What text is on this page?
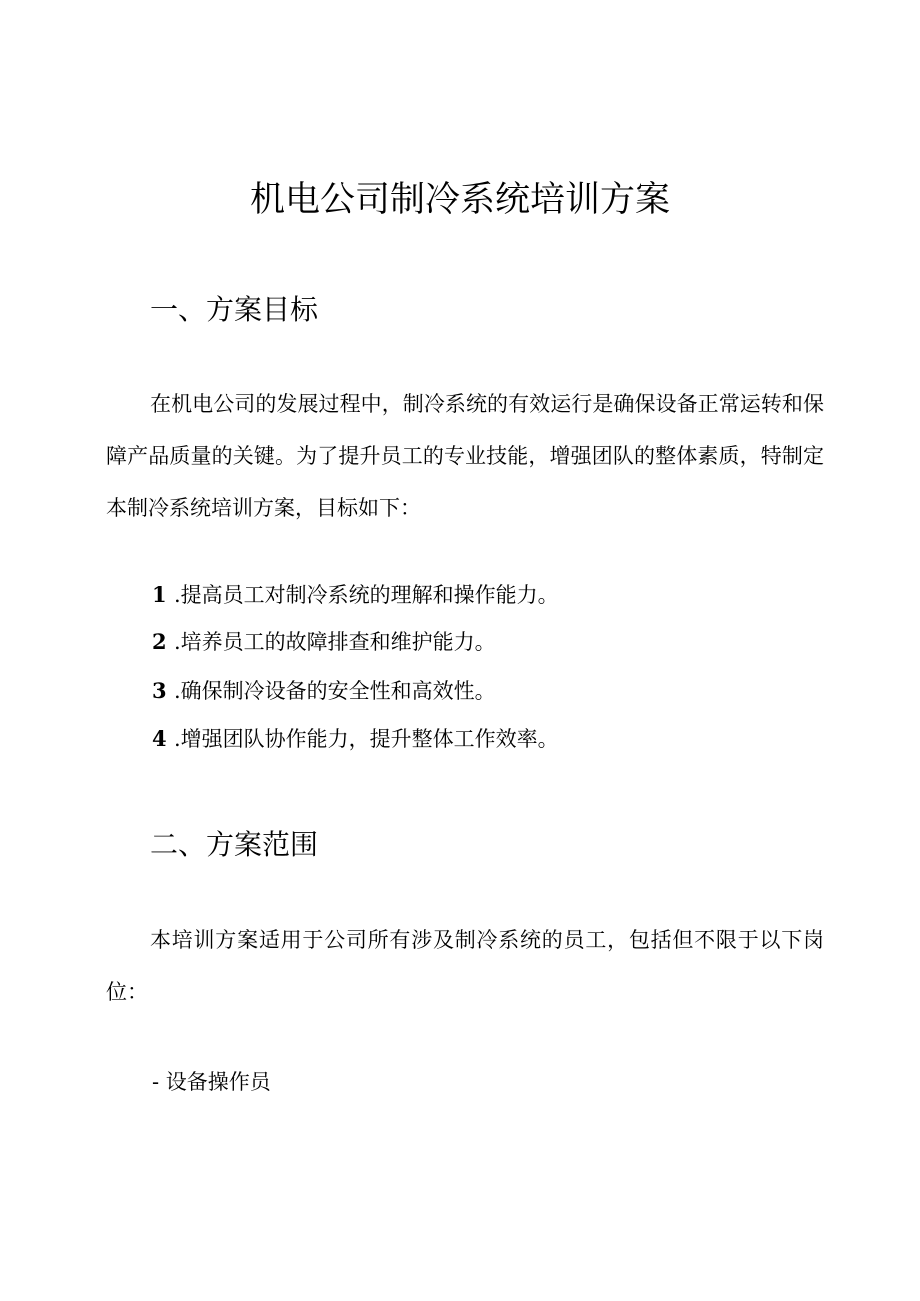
机电公司制冷系统培训方案
一、方案目标

在机电公司的发展过程中，制冷系统的有效运行是确保设备正常运转和保障产品质量的关键。为了提升员工的专业技能，增强团队的整体素质，特制定本制冷系统培训方案，目标如下：

1 .提高员工对制冷系统的理解和操作能力。
2 .培养员工的故障排查和维护能力。
3 .确保制冷设备的安全性和高效性。
4 .增强团队协作能力，提升整体工作效率。
二、方案范围

本培训方案适用于公司所有涉及制冷系统的员工，包括但不限于以下岗位：

- 设备操作员
